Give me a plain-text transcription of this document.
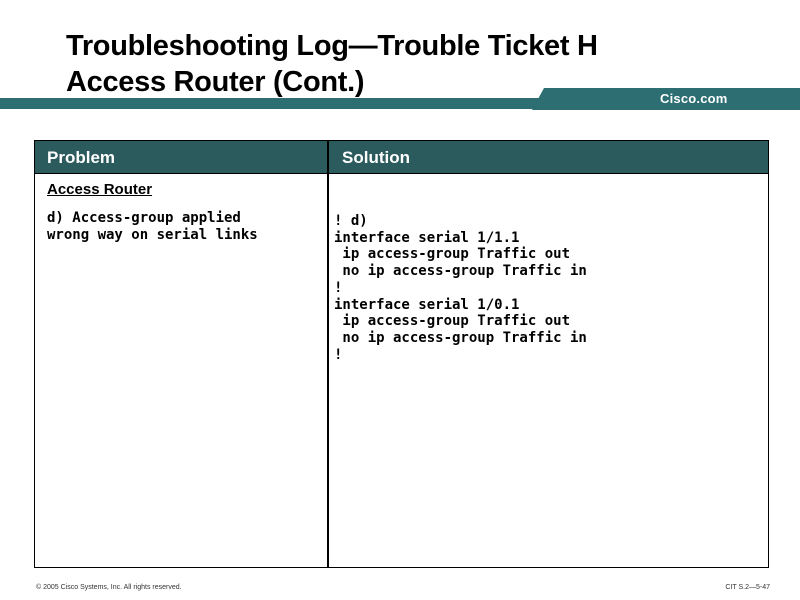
Troubleshooting Log—Trouble Ticket H
Access Router (Cont.)
Cisco.com
Problem	Solution
Access Router
d) Access-group applied
wrong way on serial links
! d)
interface serial 1/1.1
ip access-group Traffic out
no ip access-group Traffic in
!
interface serial 1/0.1
ip access-group Traffic out
no ip access-group Traffic in
!
© 2005 Cisco Systems, Inc. All rights reserved.	CIT S.2—5-47
